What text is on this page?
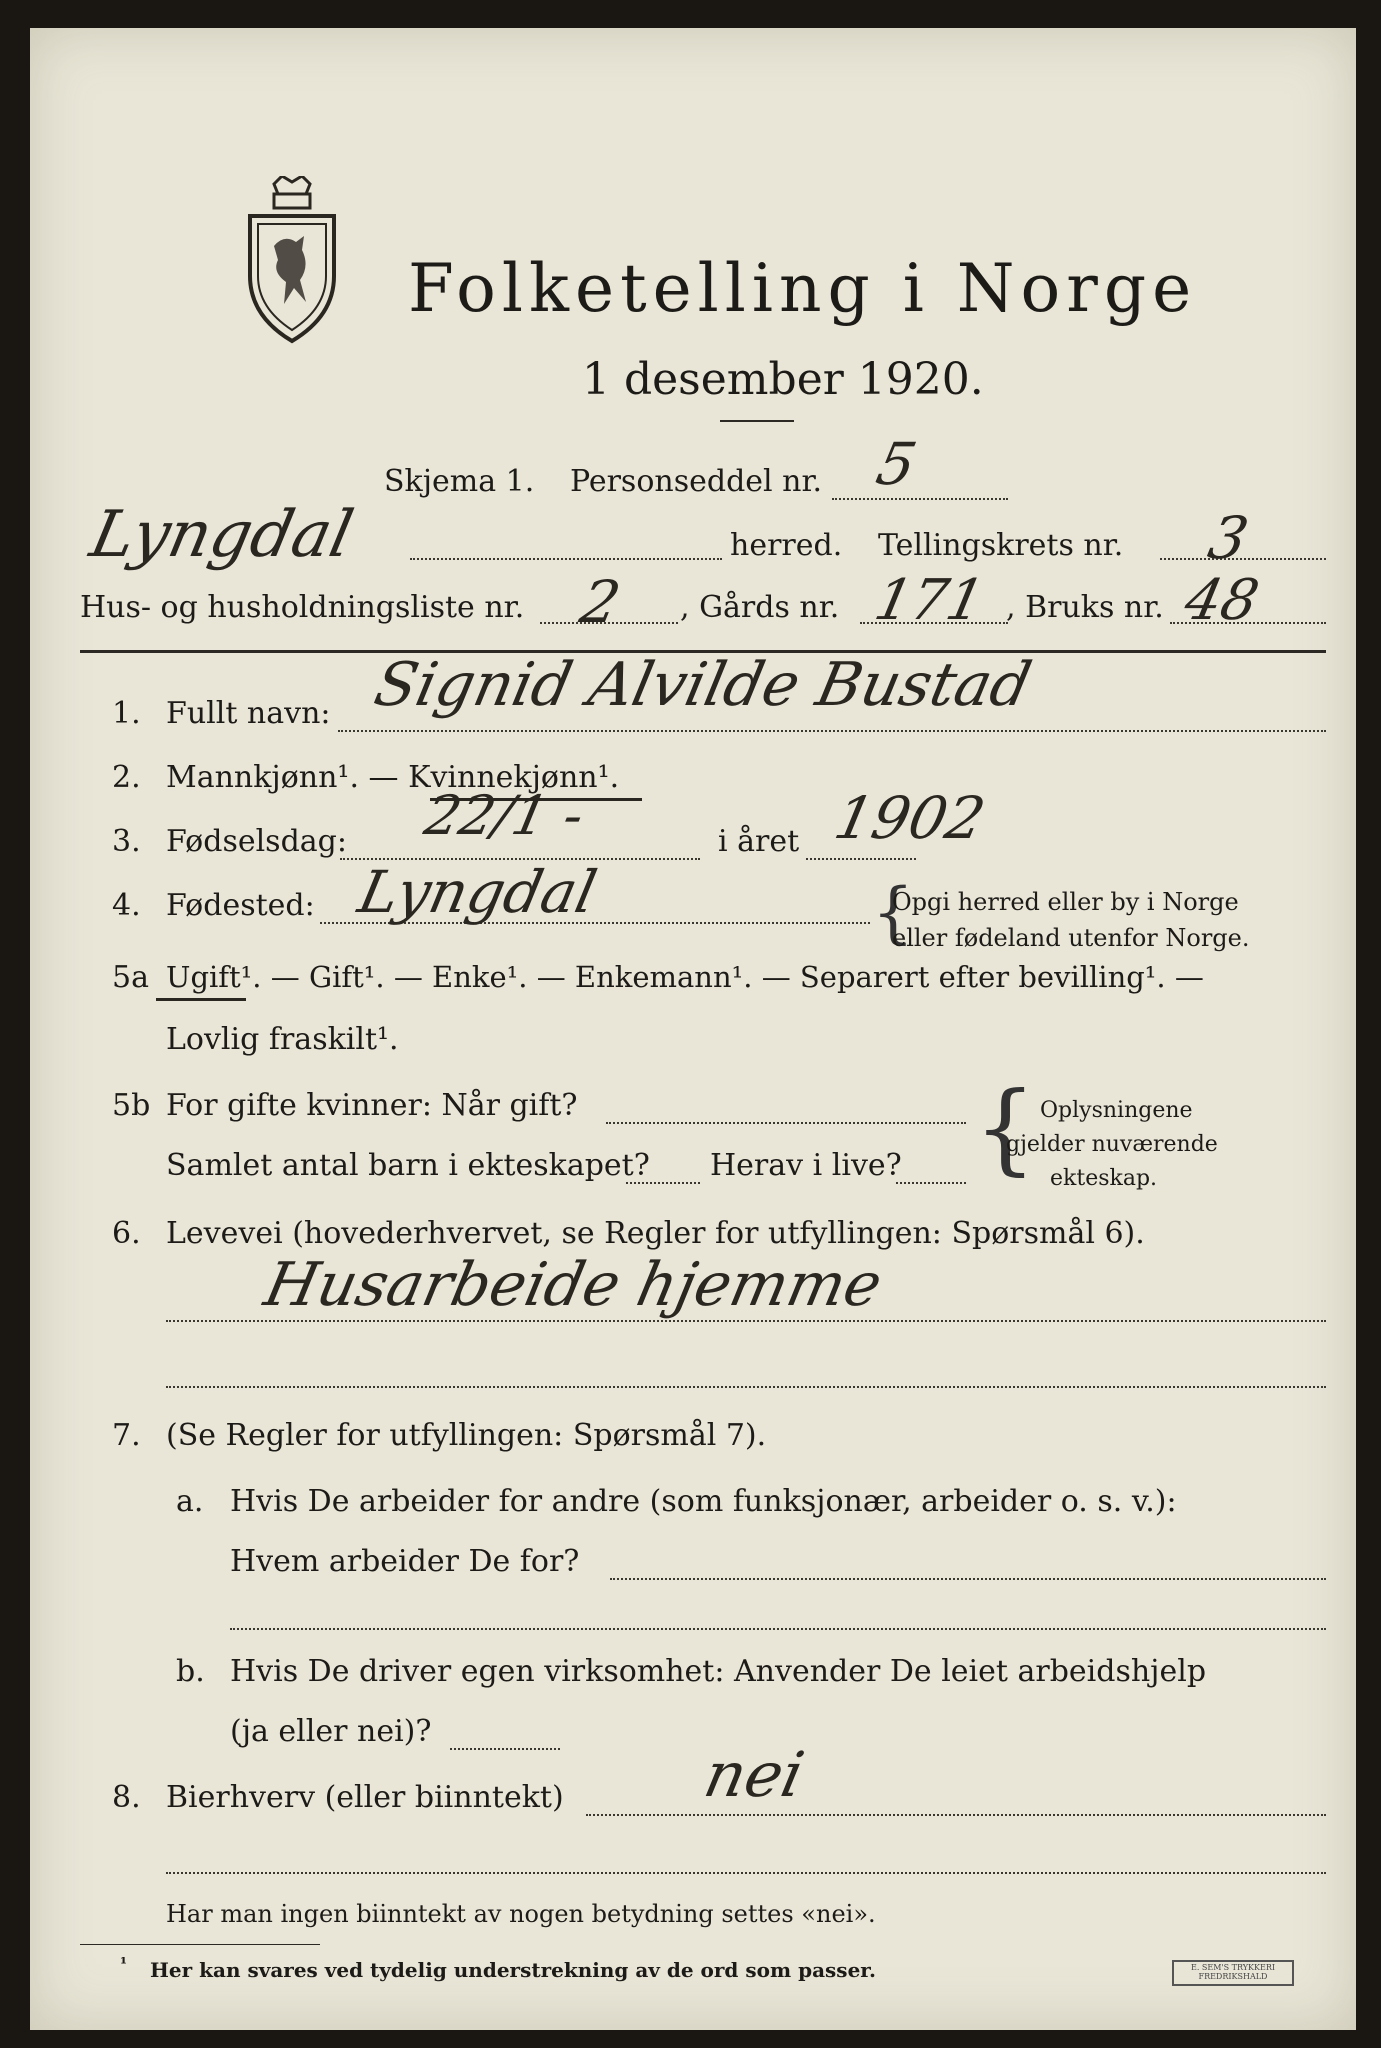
Folketelling i Norge
1 desember 1920.
Skjema 1. Personseddel nr. 5
Lyngdal	herred. Tellingskrets nr. 3
Hus- og husholdningsliste nr. 2 , Gårds nr. 171 , Bruks nr. 48
1. Fullt navn: Signid Alvilde Bustad
2. Mannkjønn¹. — Kvinnekjønn¹.
3. Fødselsdag: 22/1 -	i året 1902
4. Fødested: Lyngdal	{
Opgi herred eller by i Norge
eller fødeland utenfor Norge.
5a Ugift¹. — Gift¹. — Enke¹. — Enkemann¹. — Separert efter bevilling¹. —
Lovlig fraskilt¹.
5b For gifte kvinner: Når gift?
Samlet antal barn i ekteskapet? Herav i live? { Oplysningene
gjelder nuværende
ekteskap.
6. Levevei (hovederhvervet, se Regler for utfyllingen: Spørsmål 6).
Husarbeide hjemme
7. (Se Regler for utfyllingen: Spørsmål 7).
a. Hvis De arbeider for andre (som funksjonær, arbeider o. s. v.):
Hvem arbeider De for?
b. Hvis De driver egen virksomhet: Anvender De leiet arbeidshjelp
(ja eller nei)?
8. Bierhverv (eller biinntekt) nei
Har man ingen biinntekt av nogen betydning settes «nei».
¹ Her kan svares ved tydelig understrekning av de ord som passer.	E. SEM'S TRYKKERI FREDRIKSHALD
